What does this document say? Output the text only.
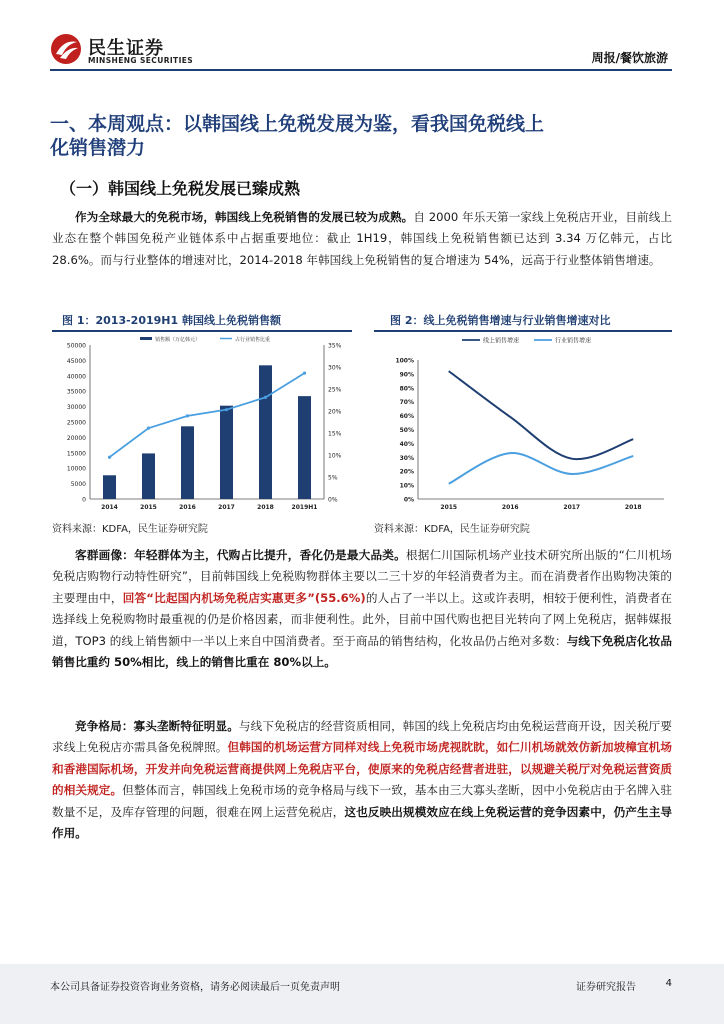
民生证券
MINSHENG SECURITIES	周报/餐饮旅游
一、本周观点：以韩国线上免税发展为鉴，看我国免税线上化销售潜力
（一）韩国线上免税发展已臻成熟
作为全球最大的免税市场，韩国线上免税销售的发展已较为成熟。自 2000 年乐天第一家线上免税店开业，目前线上业态在整个韩国免税产业链体系中占据重要地位：截止 1H19，韩国线上免税销售额已达到 3.34 万亿韩元，占比 28.6%。而与行业整体的增速对比，2014-2018 年韩国线上免税销售的复合增速为 54%，远高于行业整体销售增速。
图 1：2013-2019H1 韩国线上免税销售额
0
5000
10000
15000
20000
25000
30000
35000
40000
45000
50000
0%
5%
10%
15%
20%
25%
30%
35%
2014	2015	2016	2017	2018	2019H1
销售额（万亿韩元）	占行业销售比重
资料来源：KDFA，民生证券研究院
图 2：线上免税销售增速与行业销售增速对比
0%
10%
20%
30%
40%
50%
60%
70%
80%
90%
100%
2015	2016	2017	2018
线上销售增速	行业销售增速
资料来源：KDFA，民生证券研究院
客群画像：年轻群体为主，代购占比提升，香化仍是最大品类。根据仁川国际机场产业技术研究所出版的“仁川机场免税店购物行动特性研究”，目前韩国线上免税购物群体主要以二三十岁的年轻消费者为主。而在消费者作出购物决策的主要理由中，回答“比起国内机场免税店实惠更多”(55.6%)的人占了一半以上。这或许表明，相较于便利性，消费者在选择线上免税购物时最重视的仍是价格因素，而非便利性。此外，目前中国代购也把目光转向了网上免税店，据韩媒报道，TOP3 的线上销售额中一半以上来自中国消费者。至于商品的销售结构，化妆品仍占绝对多数：与线下免税店化妆品销售比重约 50%相比，线上的销售比重在 80%以上。
竞争格局：寡头垄断特征明显。与线下免税店的经营资质相同，韩国的线上免税店均由免税运营商开设，因关税厅要求线上免税店亦需具备免税牌照。但韩国的机场运营方同样对线上免税市场虎视眈眈，如仁川机场就效仿新加坡樟宜机场和香港国际机场，开发并向免税运营商提供网上免税店平台，使原来的免税店经营者进驻，以规避关税厅对免税运营资质的相关规定。但整体而言，韩国线上免税市场的竞争格局与线下一致，基本由三大寡头垄断，因中小免税店由于名牌入驻数量不足，及库存管理的问题，很难在网上运营免税店，这也反映出规模效应在线上免税运营的竞争因素中，仍产生主导作用。
本公司具备证券投资咨询业务资格，请务必阅读最后一页免责声明	证券研究报告	4
